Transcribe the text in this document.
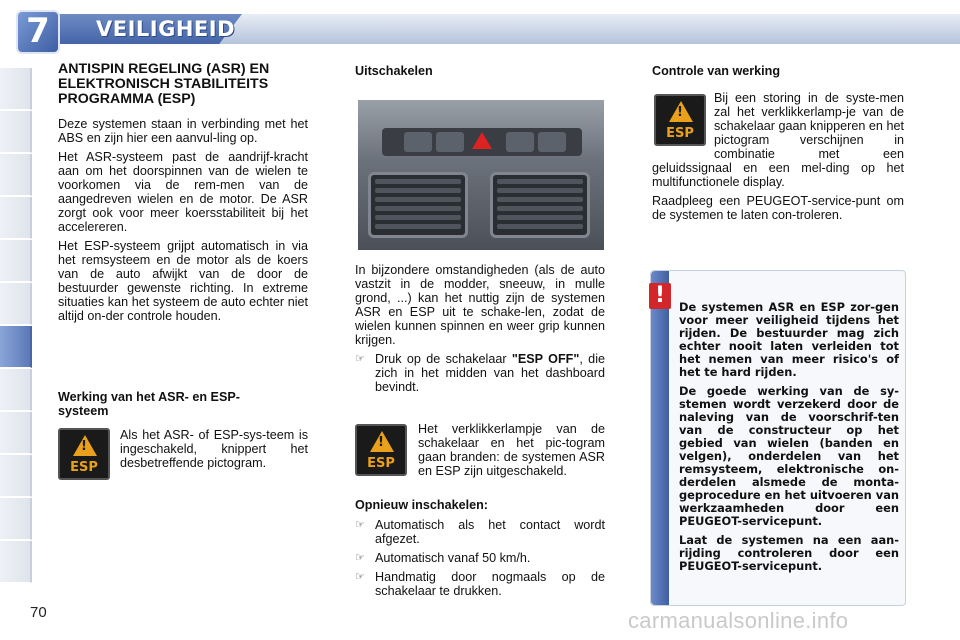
7	VEILIGHEID
ANTISPIN REGELING (ASR) EN ELEKTRONISCH STABILITEITS PROGRAMMA (ESP)

Deze systemen staan in verbinding met het ABS en zijn hier een aanvul-ling op.

Het ASR-systeem past de aandrijf-kracht aan om het doorspinnen van de wielen te voorkomen via de rem-men van de aangedreven wielen en de motor. De ASR zorgt ook voor meer koersstabiliteit bij het accelereren.

Het ESP-systeem grijpt automatisch in via het remsysteem en de motor als de koers van de auto afwijkt van de door de bestuurder gewenste richting. In extreme situaties kan het systeem de auto echter niet altijd on-der controle houden.

Werking van het ASR- en ESP-systeem
!
ESP

Als het ASR- of ESP-sys-teem is ingeschakeld, knippert het desbetreffende pictogram.

Uitschakelen

In bijzondere omstandigheden (als de auto vastzit in de modder, sneeuw, in mulle grond, ...) kan het nuttig zijn de systemen ASR en ESP uit te schake-len, zodat de wielen kunnen spinnen en weer grip kunnen krijgen.

☞ Druk op de schakelaar "ESP OFF", die zich in het midden van het dashboard bevindt.
!
ESP

Het verklikkerlampje van de schakelaar en het pic-togram gaan branden: de systemen ASR en ESP zijn uitgeschakeld.

Opnieuw inschakelen:
☞ Automatisch als het contact wordt afgezet.
☞ Automatisch vanaf 50 km/h.
☞ Handmatig door nogmaals op de schakelaar te drukken.
Controle van werking
!
ESP

Bij een storing in de syste-men zal het verklikkerlamp-je van de schakelaar gaan knipperen en het pictogram verschijnen in combinatie met een geluidssignaal en een mel-ding op het multifunctionele display.

Raadpleeg een PEUGEOT-service-punt om de systemen te laten con-troleren.

!	De systemen ASR en ESP zor-gen voor meer veiligheid tijdens het rijden. De bestuurder mag zich echter nooit laten verleiden tot het nemen van meer risico's of het te hard rijden.

De goede werking van de sy-stemen wordt verzekerd door de naleving van de voorschrif-ten van de constructeur op het gebied van wielen (banden en velgen), onderdelen van het remsysteem, elektronische on-derdelen alsmede de monta-geprocedure en het uitvoeren van werkzaamheden door een PEUGEOT-servicepunt.

Laat de systemen na een aan-rijding controleren door een PEUGEOT-servicepunt.

70	carmanualsonline.info
